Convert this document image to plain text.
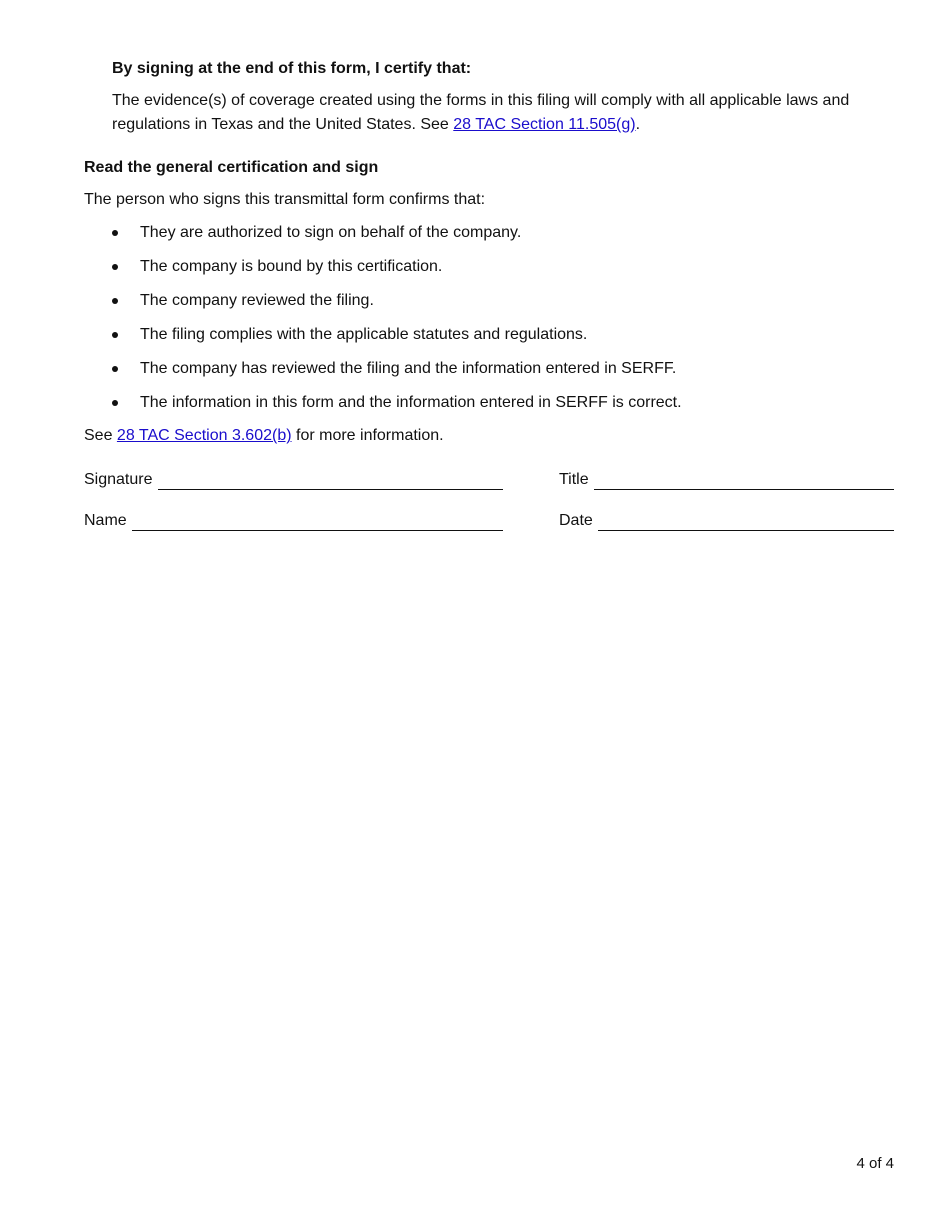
By signing at the end of this form, I certify that:
The evidence(s) of coverage created using the forms in this filing will comply with all applicable laws and regulations in Texas and the United States. See 28 TAC Section 11.505(g).
Read the general certification and sign
The person who signs this transmittal form confirms that:
They are authorized to sign on behalf of the company.
The company is bound by this certification.
The company reviewed the filing.
The filing complies with the applicable statutes and regulations.
The company has reviewed the filing and the information entered in SERFF.
The information in this form and the information entered in SERFF is correct.
See 28 TAC Section 3.602(b) for more information.
Signature	Title
Name	Date
4 of 4
